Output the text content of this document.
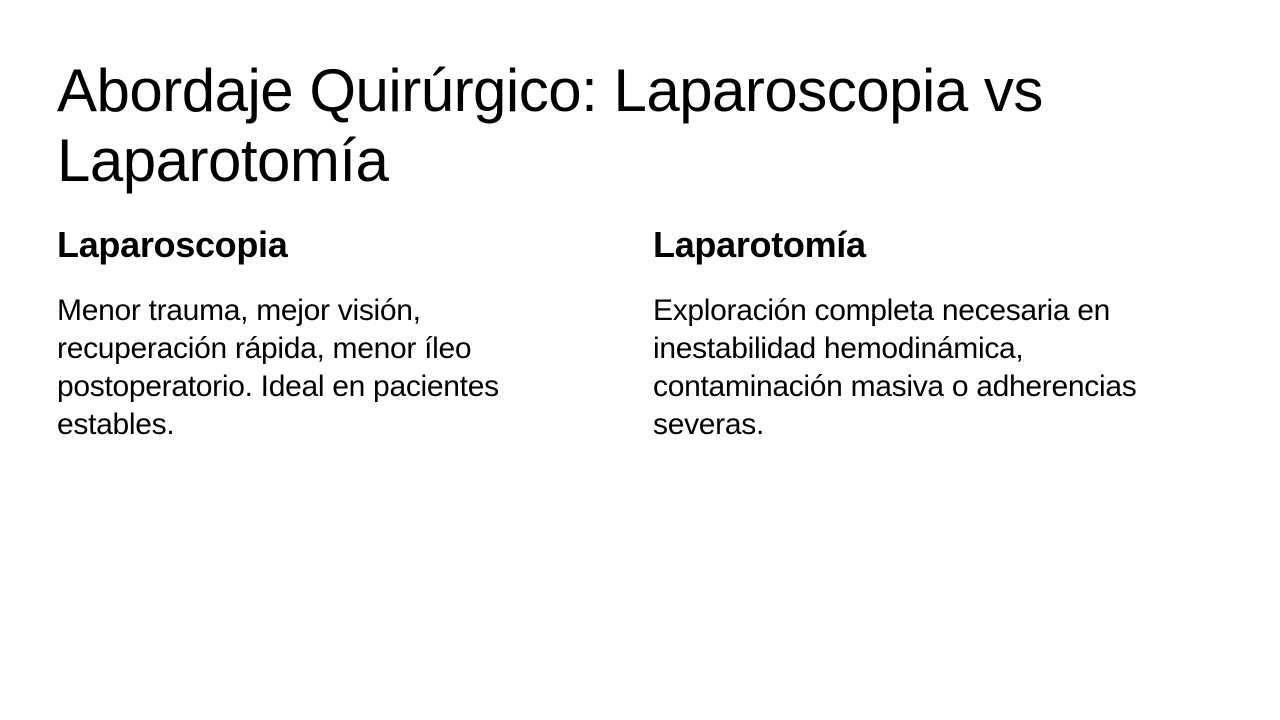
Abordaje Quirúrgico: Laparoscopia vs Laparotomía
Laparoscopia

Menor trauma, mejor visión, recuperación rápida, menor íleo postoperatorio. Ideal en pacientes estables.

Laparotomía

Exploración completa necesaria en inestabilidad hemodinámica, contaminación masiva o adherencias severas.
